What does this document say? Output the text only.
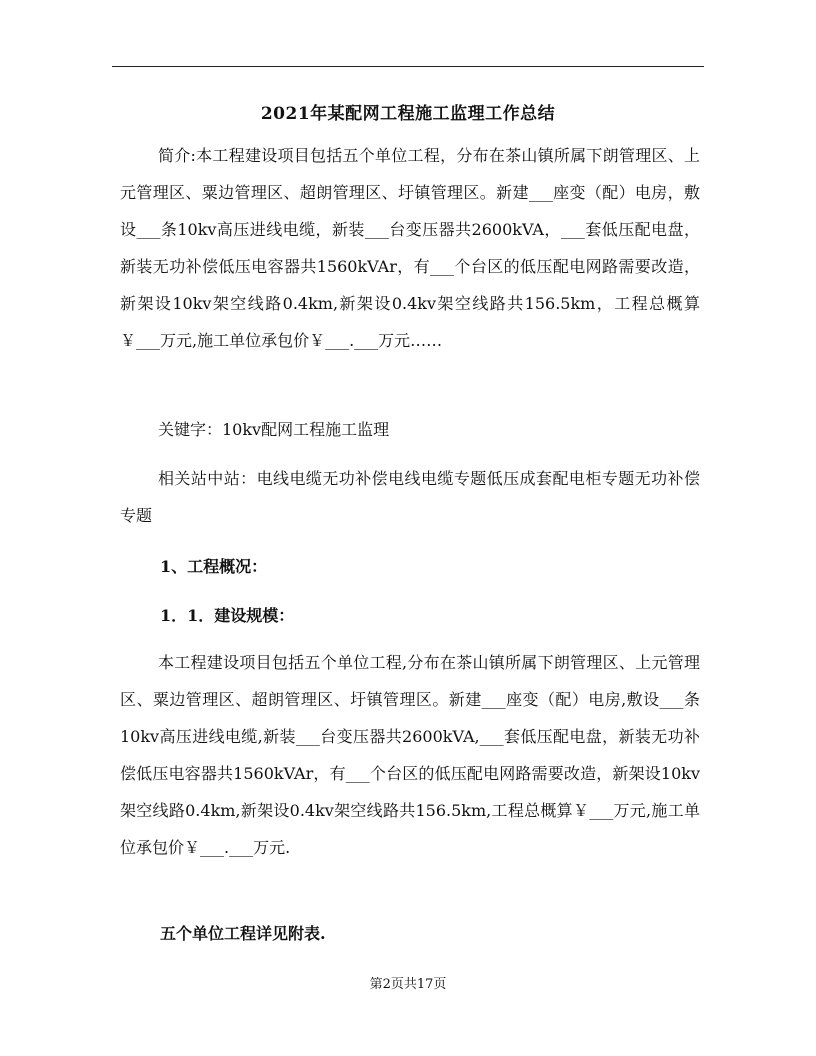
2021年某配网工程施工监理工作总结

简介:本工程建设项目包括五个单位工程，分布在茶山镇所属下朗管理区、上元管理区、粟边管理区、超朗管理区、圩镇管理区。新建___座变（配）电房，敷设___条10kv高压进线电缆，新装___台变压器共2600kVA，___套低压配电盘，新装无功补偿低压电容器共1560kVAr，有___个台区的低压配电网路需要改造，新架设10kv架空线路0.4km,新架设0.4kv架空线路共156.5km，工程总概算￥___万元,施工单位承包价￥___.___万元……

关键字：10kv配网工程施工监理

相关站中站：电线电缆无功补偿电线电缆专题低压成套配电柜专题无功补偿专题

1、工程概况：
1．1．建设规模：

本工程建设项目包括五个单位工程,分布在茶山镇所属下朗管理区、上元管理区、粟边管理区、超朗管理区、圩镇管理区。新建___座变（配）电房,敷设___条10kv高压进线电缆,新装___台变压器共2600kVA,___套低压配电盘，新装无功补偿低压电容器共1560kVAr，有___个台区的低压配电网路需要改造，新架设10kv架空线路0.4km,新架设0.4kv架空线路共156.5km,工程总概算￥___万元,施工单位承包价￥___.___万元.

五个单位工程详见附表.
第2页共17页
